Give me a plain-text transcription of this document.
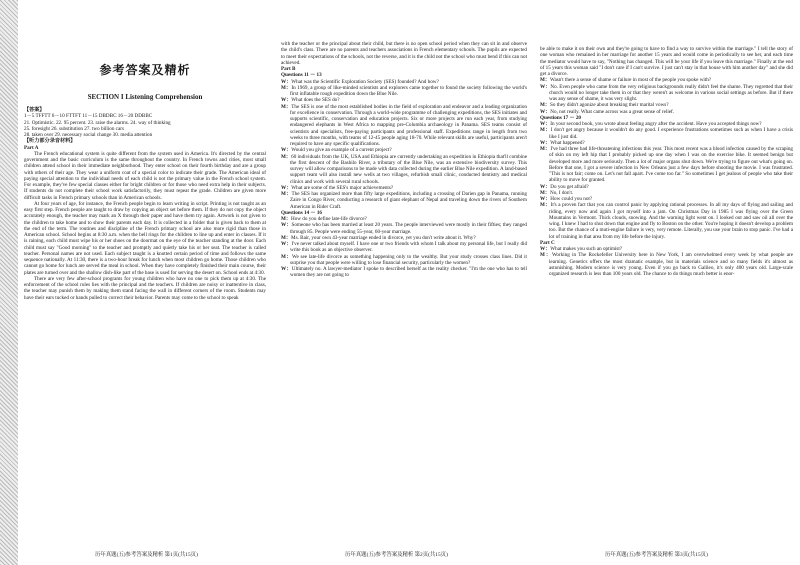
参考答案及精析
SECTION I Listening Comprehension

【答案】

1－5 TFFTT 6－10 FTTFT 11－15 DBDBC 16－20 DDBBC

21. Optimistic. 22. 95 percent. 23. raise the alarms. 24. way of thinking

25. foresight 26. substitution 27. two billion cars

28. taken over 29. necessary social change 30. media attention

【听力部分录音材料】

Part A

The French educational system is quite different from the system used in America. It's directed by the central government and the basic curriculum is the same throughout the country. In French towns and cities, most small children attend school in their immediate neighborhood. They enter school on their fourth birthday and are a group with others of their age. They wear a uniform coat of a special color to indicate their grade. The American ideal of paying special attention to the individual needs of each child is not the primary value in the French school system. For example, they've few special classes either for bright children or for those who need extra help in their subjects. If students do not complete their school work satisfactorily, they must repeat the grade. Children are given more difficult tasks in French primary schools than in American schools.

At four years of age, for instance, the French people begin to learn writing in script. Printing is not taught as an easy first step. French people are taught to draw by copying an object set before them. If they do not copy the object accurately enough, the teacher may mark an X through their paper and have them try again. Artwork is not given to the children to take home and to show their parents each day. It is collected in a folder that is given back to them at the end of the term. The routines and discipline of the French primary school are also more rigid than those in American school. School begins at 8:30 a.m. when the bell rings for the children to line up and enter in classes. If it is raining, each child must wipe his or her shoes on the doormat on the eye of the teacher standing at the door. Each child must say "Good morning" to the teacher and promptly and quietly take his or her seat. The teacher is called teacher. Personal names are not used. Each subject taught is a knotted certain period of time and follows the same sequence nationally. At 11:30, there is a two-hour break for lunch when most children go home. Those children who cannot go home for lunch are served the meal in school. When they have completely finished their main course, their plates are turned over and the shallow dish-like part of the base is used for serving the desert on. School ends at 4:30.

There are very few after-school programs for young children who have no one to pick them up at 4:30. The enforcement of the school rules lies with the principal and the teachers. If children are noisy or inattentive in class, the teacher may punish them by making them stand facing the wall in different corners of the room. Students may have their ears tucked or hands pulled to correct their behavior. Parents may come to the school to speak

历年真题(五)参考答案及精析 第1页(共15页)

with the teacher or the principal about their child, but there is no open school period when they can sit in and observe the child's class. There are no parents and teachers associations in French elementary schools. The pupils are expected to meet their expectations of the schools, not the reverse, and it is the child not the school who must bend if this can not achieved.

Part B

Questions 11 － 13

W：What was the Scientific Exploration Society (SES) founded? And how?

M：In 1969, a group of like-minded scientists and explorers came together to found the society following the world's first inflatable rough expedition down the Blue Nile.

W：What does the SES do?

M：The SES is one of the most established bodies in the field of exploration and endeavor and a leading organization for excellence in conservation. Through a world-wide programme of challenging expeditions, the SES initiates and supports scientific, conservation and education projects. Six or more projects are run each year, from studying endangered elephants in West Africa to mapping pre-Columbia archaeology in Panama. SES teams consist of scientists and specialists, free-paying participants and professional staff. Expeditions range in length from two weeks to three months, with teams of 12-45 people aging 18-70. While relevant skills are useful, participants aren't required to have any specific qualifications.

W：Would you give an example of a current project?

M：60 individuals from the UK, USA and Ethiopia are currently undertaking an expedition in Ethiopia that'll combine the first descent of the Bashilo River, a tributary of the Blue Nile, was an extensive biodiversity survey. This survey will allow comparisons to be made with data collected during the earlier Blue Nile expedition. A land-based support team will also install new wells at two villages, refurbish small clinic, conducted dentistry and medical clinics and work with several rural schools.

W：What are some of the SES's major achievements?

M：The SES has organized more than fifty large expeditions, including a crossing of Darien gap in Panama, running Zaire in Congo River, conducting a research of giant elephant of Nepal and traveling down the rivers of Southern American in Rider Craft.

Questions 14 － 16

M：How do you define late-life divorce?

W：Someone who has been married at least 20 years. The people interviewed were mostly in their fifties; they ranged through 85. People were ending 55-year, 60-year marriage.

M：Ms. Bair, your own 43-year marriage ended in divorce, yet you don't write about it. Why?

W：I've never talked about myself. I have one or two friends with whom I talk about my personal life, but I really did write this book as an objective observer.

M：We see late-life divorce as something happening only to the wealthy. But your study crosses class lines. Did it surprise you that people were willing to lose financial security, particularly the women?

W：Ultimately no. A lawyer-mediator I spoke to described herself as the reality checker. "I'm the one who has to tell women they are not going to

历年真题(五)参考答案及精析 第2页(共15页)

be able to make it on their own and they're going to have to find a way to survive within the marriage." I tell the story of one woman who remained in her marriage for another 15 years and would come in periodically to see her, and each time the mediator would have to say, "Nothing has changed. This will be your life if you leave this marriage." Finally at the end of 15 years this woman said "I don't care if I can't survive. I just can't stay in that house with him another day" and she did get a divorce.

M：Wasn't there a sense of shame or failure in most of the people you spoke with?

W：No. Even people who came from the very religious backgrounds really didn't feel the shame. They regretted that their church would no longer take them in or that they weren't as welcome in various social settings as before. But if there was any sense of shame, it was very slight.

M：So they didn't agonize about breaking their marital vows?

W：No, not really. What came across was a great sense of relief.

Questions 17 － 20

W：In your second book, you wrote about feeling angry after the accident. Have you accepted things now?

M：I don't get angry because it wouldn't do any good. I experience frustrations sometimes such as when I have a crisis like I just did.

W：What happened?

M：I've had three bad life-threatening infections this year. This most recent was a blood infection caused by the scraping of skin on my left hip that I probably picked up one day when I was on the exercise bike. It seemed benign but developed more and more seriously. Then a lot of major organs shut down. We're trying to figure out what's going on. Before that one, I got a severe infection in New Orleans just a few days before shooting the movie. I was frustrated. "This is not fair; come on. Let's not fall apart. I've come too far." So sometimes I get jealous of people who take their ability to move for granted.

W：Do you get afraid?

M：No, I don't.

W：How could you not?

M：It's a proven fact that you can control panic by applying rational processes. In all my days of flying and sailing and riding, every now and again I got myself into a jam. On Christmas Day in 1985 I was flying over the Green Mountains in Vermont. Thick clouds, snowing. And the warning light went on. I looked out and saw oil all over the wing. I knew I had to shut down that engine and fly to Boston on the other. You're hoping it doesn't develop a problem too. But the chance of a muti-engine failure is very, very remote. Literally, you use your brain to stop panic. I've had a lot of training in that area from my life before the injury.

Part C

W：What makes you such an optimist?

M：Working in The Rockefeller University here in New York, I am overwhelmed every week by what people are learning. Genetics offers the most dramatic example, but in materials science and so many fields it's almost as astonishing. Modern science is very young. Even if you go back to Galileo, it's only 400 years old. Large-scale organized research is less than 100 years old. The chance to do things much better is enor-

历年真题(五)参考答案及精析 第3页(共15页)
